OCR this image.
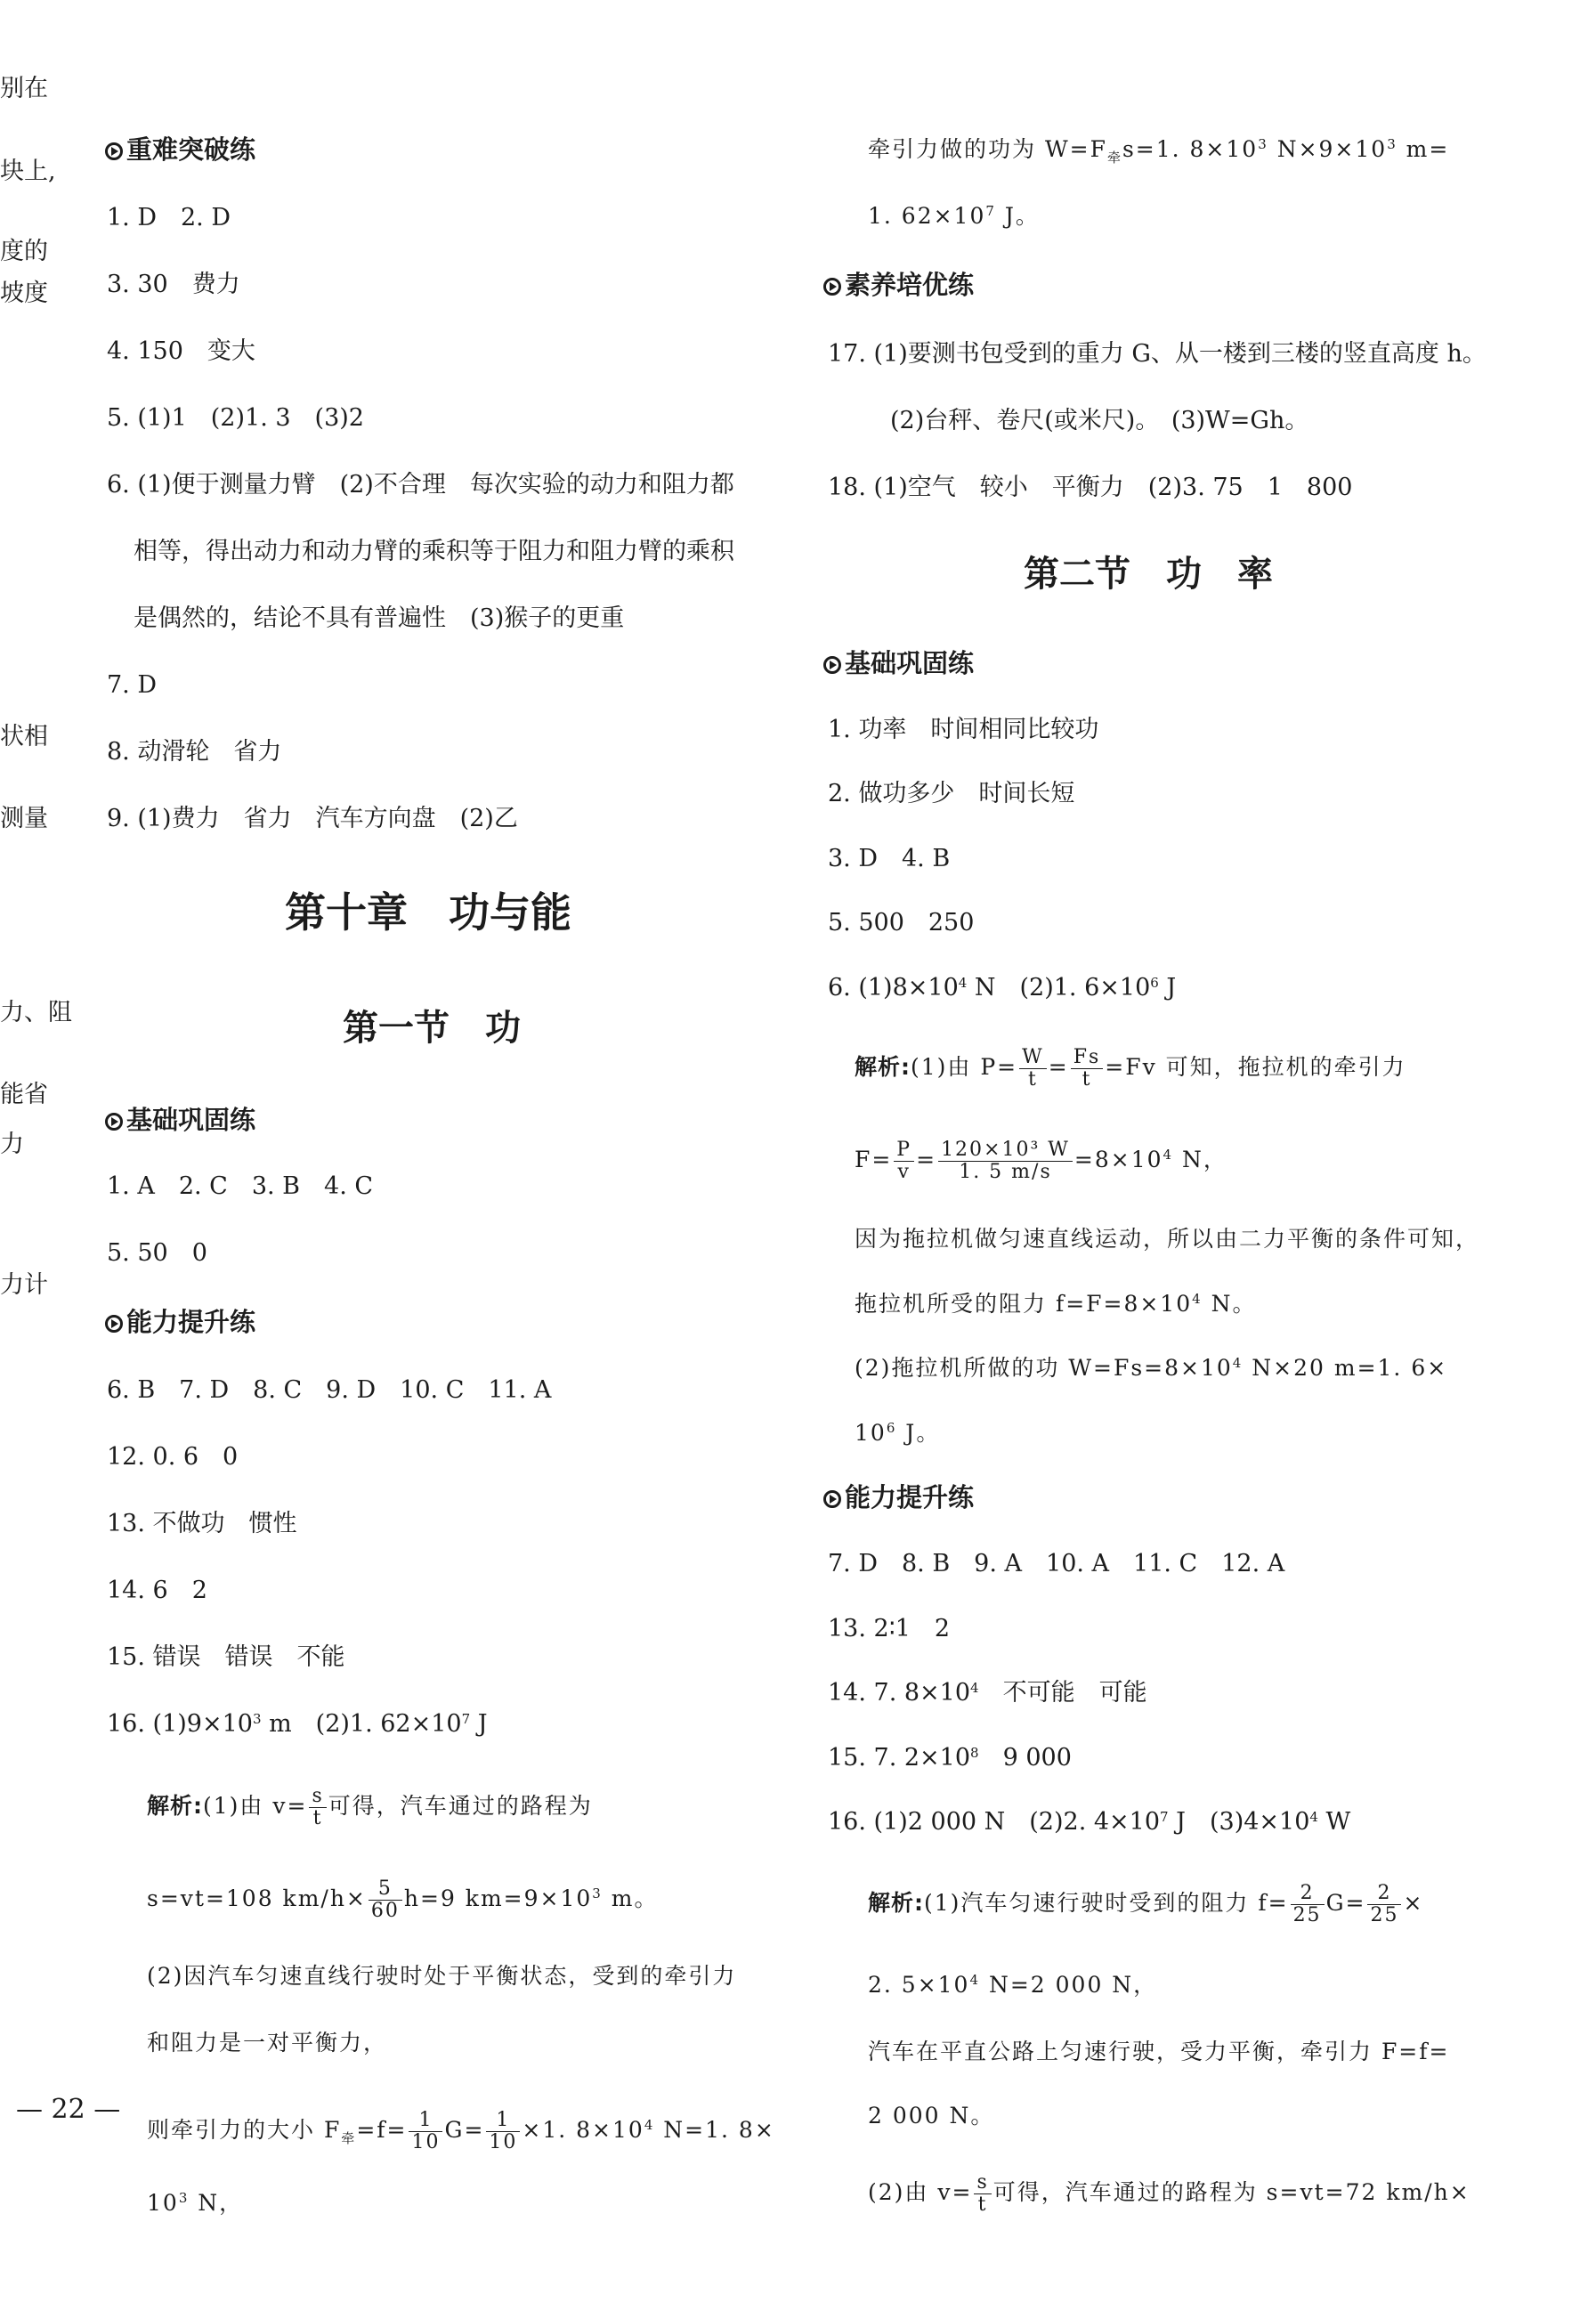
别在
块上,
度的
坡度
状相
测量
力、阻
能省
力
力计
重难突破练
1. D　2. D
3. 30　费力
4. 150　变大
5. (1)1　(2)1. 3　(3)2
6. (1)便于测量力臂　(2)不合理　每次实验的动力和阻力都
相等，得出动力和动力臂的乘积等于阻力和阻力臂的乘积
是偶然的，结论不具有普遍性　(3)猴子的更重
7. D
8. 动滑轮　省力
9. (1)费力　省力　汽车方向盘　(2)乙
第十章　功与能
第一节　功
基础巩固练
1. A　2. C　3. B　4. C
5. 50　0
能力提升练
6. B　7. D　8. C　9. D　10. C　11. A
12. 0. 6　0
13. 不做功　惯性
14. 6　2
15. 错误　错误　不能
16. $(1)9\times 10^3$ m　(2)1. $62\times 10^7$ J
解析:(1)由 $v= \frac{s}{t}$ 可得，汽车通过的路程为
s=vt=108 $km/h\times \frac{5}{60} h=9$ $km=9\times 10^3$ m。
(2)因汽车匀速直线行驶时处于平衡状态，受到的牵引力
和阻力是一对平衡力，
则牵引力的大小 $F_牵=f= \frac{1}{10} G= \frac{1}{10} \times 1$. $8\times 10^4$ N=1. 8×
$10^3$ N，
— 22 —
牵引力做的功为 $W=F_牵s=1$. $8\times 10^3$ $N\times 9\times 10^3$ m=
1. $62\times 10^7$ J。
素养培优练
17. (1)要测书包受到的重力 G、从一楼到三楼的竖直高度 h。
(2)台秤、卷尺(或米尺)。　(3)W=Gh。
18. (1)空气　较小　平衡力　(2)3. 75　1　800
第二节　功　率
基础巩固练
1. 功率　时间相同比较功
2. 做功多少　时间长短
3. D　4. B
5. 500　250
6. $(1)8\times 10^4$ N　(2)1. $6\times 10^6$ J
解析:(1)由 $P= \frac{W}{t} = \frac{Fs}{t} =Fv$ 可知，拖拉机的牵引力
$F= \frac{P}{v} = \frac{\text{120×10³ W}}{1. 5 m/s} =8\times 10^4$ N，
因为拖拉机做匀速直线运动，所以由二力平衡的条件可知，
拖拉机所受的阻力 $f=F=8\times 10^4$ N。
(2)拖拉机所做的功 $W=Fs=8\times 10^4$ N×20 m=1. 6×
$10^6$ J。
能力提升练
7. D　8. B　9. A　10. A　11. C　12. A
13. 2∶1　2
14. 7. $8\times 10^4$　不可能　可能
15. 7. $2\times 10^8$　9 000
16. (1)2 000 N　(2)2. $4\times 10^7$ J　$(3)4\times 10^4$ W
解析:(1)汽车匀速行驶时受到的阻力 $f= \frac{2}{25} G= \frac{2}{25}$ ×
2. $5\times 10^4$ N=2 000 N，
汽车在平直公路上匀速行驶，受力平衡，牵引力 F=f=
2 000 N。
(2)由 $v= \frac{s}{t}$ 可得，汽车通过的路程为 s=vt=72 km/h×
